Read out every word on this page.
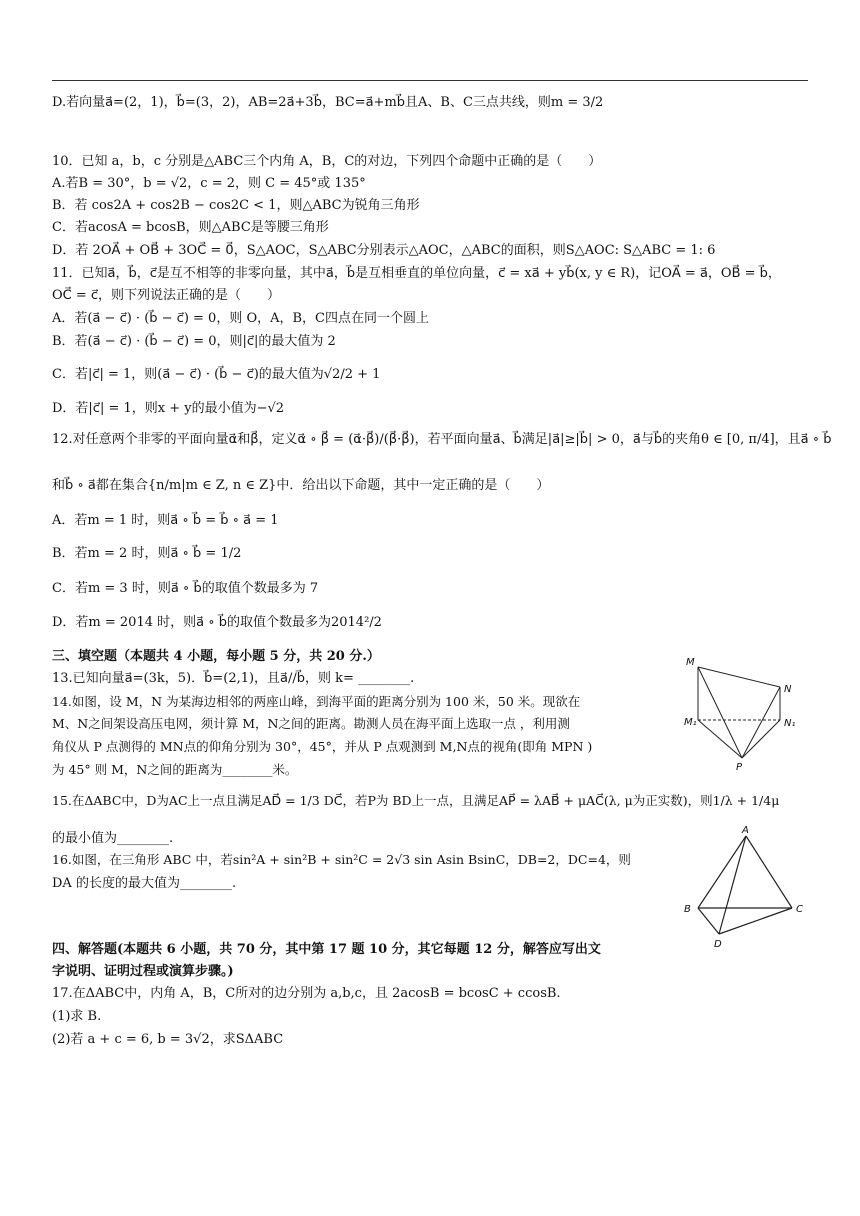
D.若向量a⃗=(2，1)，b⃗=(3，2)，AB=2a⃗+3b⃗，BC=a⃗+mb⃗且A、B、C三点共线，则m = 3/2
10．已知 a，b，c 分别是△ABC三个内角 A，B，C的对边，下列四个命题中正确的是（　　）
A.若B = 30°，b = √2，c = 2，则 C = 45°或 135°
B．若 cos2A + cos2B − cos2C < 1，则△ABC为锐角三角形
C．若acosA = bcosB，则△ABC是等腰三角形
D．若 2OA⃗ + OB⃗ + 3OC⃗ = 0⃗，S△AOC，S△ABC分别表示△AOC，△ABC的面积，则S△AOC: S△ABC = 1: 6
11．已知a⃗，b⃗，c⃗是互不相等的非零向量，其中a⃗，b⃗是互相垂直的单位向量，c⃗ = xa⃗ + yb⃗(x, y ∈ R)，记OA⃗ = a⃗，OB⃗ = b⃗，
OC⃗ = c⃗，则下列说法正确的是（　　）
A．若(a⃗ − c⃗) · (b⃗ − c⃗) = 0，则 O，A，B，C四点在同一个圆上
B．若(a⃗ − c⃗) · (b⃗ − c⃗) = 0，则|c⃗|的最大值为 2
C．若|c⃗| = 1，则(a⃗ − c⃗) · (b⃗ − c⃗)的最大值为√2/2 + 1
D．若|c⃗| = 1，则x + y的最小值为−√2
12.对任意两个非零的平面向量α⃗和β⃗，定义α⃗ ∘ β⃗ = (α⃗·β⃗)/(β⃗·β⃗)，若平面向量a⃗、b⃗满足|a⃗|≥|b⃗| > 0，a⃗与b⃗的夹角θ ∈ [0, π/4]，且a⃗ ∘ b⃗
和b⃗ ∘ a⃗都在集合{n/m|m ∈ Z, n ∈ Z}中．给出以下命题，其中一定正确的是（　　）
A．若m = 1 时，则a⃗ ∘ b⃗ = b⃗ ∘ a⃗ = 1
B．若m = 2 时，则a⃗ ∘ b⃗ = 1/2
C．若m = 3 时，则a⃗ ∘ b⃗的取值个数最多为 7
D．若m = 2014 时，则a⃗ ∘ b⃗的取值个数最多为2014²/2
三、填空题（本题共 4 小题，每小题 5 分，共 20 分.）
13.已知向量a⃗=(3k，5)．b⃗=(2,1)，且a⃗//b⃗，则 k= ________.
14.如图，设 M，N 为某海边相邻的两座山峰，到海平面的距离分别为 100 米，50 米。现欲在
M、N之间架设高压电网，须计算 M，N之间的距离。勘测人员在海平面上选取一点 ，利用测
角仪从 P 点测得的 MN点的仰角分别为 30°，45°，并从 P 点观测到 M,N点的视角(即角 MPN )
为 45° 则 M，N之间的距离为________米。
15.在ΔABC中，D为AC上一点且满足AD⃗ = 1/3 DC⃗，若P为 BD上一点，且满足AP⃗ = λAB⃗ + μAC⃗(λ, μ为正实数)，则1/λ + 1/4μ
的最小值为________.
16.如图，在三角形 ABC 中，若sin²A + sin²B + sin²C = 2√3 sin Asin BsinC，DB=2，DC=4，则
DA 的长度的最大值为________.
四、解答题(本题共 6 小题，共 70 分，其中第 17 题 10 分，其它每题 12 分，解答应写出文
字说明、证明过程或演算步骤。)
17.在ΔABC中，内角 A，B，C所对的边分别为 a,b,c，且 2acosB = bcosC + ccosB.
(1)求 B.
(2)若 a + c = 6, b = 3√2，求SΔABC
M
N
M₁	N₁
P
A
B	C
D
